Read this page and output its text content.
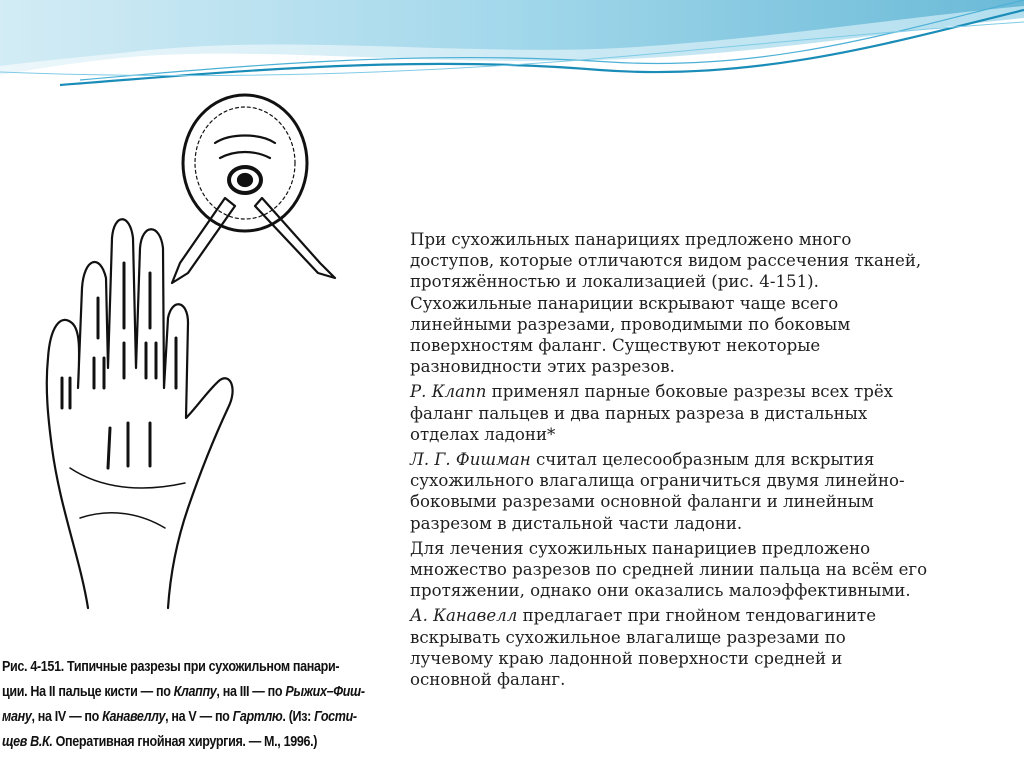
Рис. 4-151. Типичные разрезы при сухожильном панари-
ции. На II пальце кисти — по Клаппу, на III — по Рыжих–Фиш-
ману, на IV — по Канавеллу, на V — по Гартлю. (Из: Гости-
щев В.К. Оперативная гнойная хирургия. — М., 1996.)

При сухожильных панарициях предложено много
доступов, которые отличаются видом рассечения тканей,
протяжённостью и локализацией (рис. 4-151).
Сухожильные панариции вскрывают чаще всего
линейными разрезами, проводимыми по боковым
поверхностям фаланг. Существуют некоторые
разновидности этих разрезов.

Р. Клапп применял парные боковые разрезы всех трёх
фаланг пальцев и два парных разреза в дистальных
отделах ладони*

Л. Г. Фишман считал целесообразным для вскрытия
сухожильного влагалища ограничиться двумя линейно-
боковыми разрезами основной фаланги и линейным
разрезом в дистальной части ладони.

Для лечения сухожильных панарициев предложено
множество разрезов по средней линии пальца на всём его
протяжении, однако они оказались малоэффективными.

А. Канавелл предлагает при гнойном тендовагините
вскрывать сухожильное влагалище разрезами по
лучевому краю ладонной поверхности средней и
основной фаланг.
